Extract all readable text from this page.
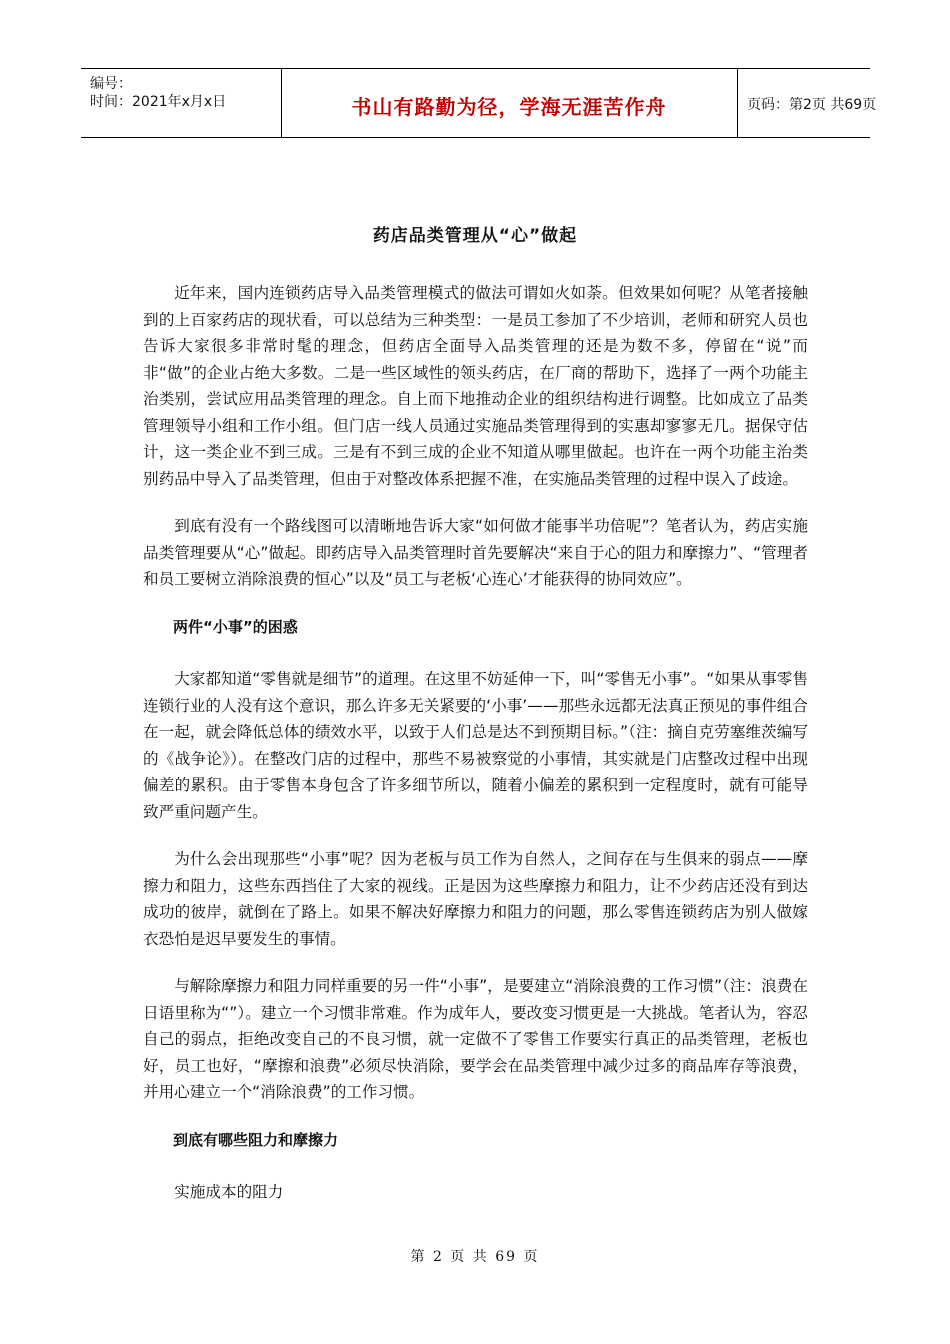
编号：
时间：2021年x月x日	书山有路勤为径，学海无涯苦作舟	页码：第2页 共69页
药店品类管理从“心”做起

近年来，国内连锁药店导入品类管理模式的做法可谓如火如荼。但效果如何呢？从笔者接触到的上百家药店的现状看，可以总结为三种类型：一是员工参加了不少培训，老师和研究人员也告诉大家很多非常时髦的理念，但药店全面导入品类管理的还是为数不多，停留在“说”而非“做”的企业占绝大多数。二是一些区域性的领头药店，在厂商的帮助下，选择了一两个功能主治类别，尝试应用品类管理的理念。自上而下地推动企业的组织结构进行调整。比如成立了品类管理领导小组和工作小组。但门店一线人员通过实施品类管理得到的实惠却寥寥无几。据保守估计，这一类企业不到三成。三是有不到三成的企业不知道从哪里做起。也许在一两个功能主治类别药品中导入了品类管理，但由于对整改体系把握不准，在实施品类管理的过程中误入了歧途。

到底有没有一个路线图可以清晰地告诉大家“如何做才能事半功倍呢”？笔者认为，药店实施品类管理要从“心”做起。即药店导入品类管理时首先要解决“来自于心的阻力和摩擦力”、“管理者和员工要树立消除浪费的恒心”以及“员工与老板‘心连心’才能获得的协同效应”。

两件“小事”的困惑

大家都知道“零售就是细节”的道理。在这里不妨延伸一下，叫“零售无小事”。“如果从事零售连锁行业的人没有这个意识，那么许多无关紧要的‘小事’——那些永远都无法真正预见的事件组合在一起，就会降低总体的绩效水平，以致于人们总是达不到预期目标。”（注：摘自克劳塞维茨编写的《战争论》）。在整改门店的过程中，那些不易被察觉的小事情，其实就是门店整改过程中出现偏差的累积。由于零售本身包含了许多细节所以，随着小偏差的累积到一定程度时，就有可能导致严重问题产生。

为什么会出现那些“小事”呢？因为老板与员工作为自然人，之间存在与生俱来的弱点——摩擦力和阻力，这些东西挡住了大家的视线。正是因为这些摩擦力和阻力，让不少药店还没有到达成功的彼岸，就倒在了路上。如果不解决好摩擦力和阻力的问题，那么零售连锁药店为别人做嫁衣恐怕是迟早要发生的事情。

与解除摩擦力和阻力同样重要的另一件“小事”，是要建立“消除浪费的工作习惯”（注：浪费在日语里称为“”）。建立一个习惯非常难。作为成年人，要改变习惯更是一大挑战。笔者认为，容忍自己的弱点，拒绝改变自己的不良习惯，就一定做不了零售工作要实行真正的品类管理，老板也好，员工也好，“摩擦和浪费”必须尽快消除，要学会在品类管理中减少过多的商品库存等浪费，并用心建立一个“消除浪费”的工作习惯。

到底有哪些阻力和摩擦力

实施成本的阻力

第 2 页 共 69 页
